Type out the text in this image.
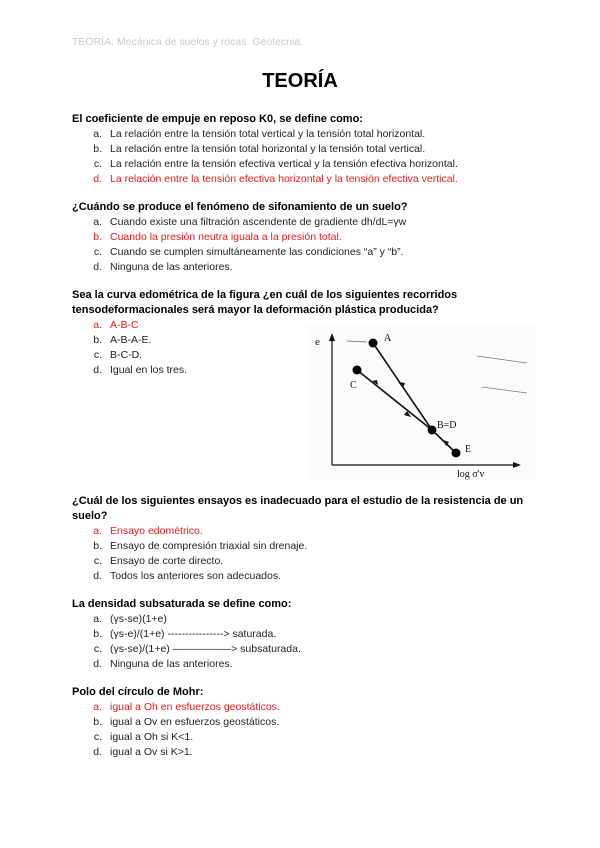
TEORÍA: Mecánica de suelos y rocas. Geotecnia.
TEORÍA
El coeficiente de empuje en reposo K0, se define como:
a. La relación entre la tensión total vertical y la tensión total horizontal.
b. La relación entre la tensión total horizontal y la tensión total vertical.
c. La relación entre la tensión efectiva vertical y la tensión efectiva horizontal.
d. La relación entre la tensión efectiva horizontal y la tensión efectiva vertical.
¿Cuándo se produce el fenómeno de sifonamiento de un suelo?
a. Cuando existe una filtración ascendente de gradiente dh/dL=γw
b. Cuando la presión neutra iguala a la presión total.
c. Cuando se cumplen simultáneamente las condiciones “a” y “b”.
d. Ninguna de las anteriores.
Sea la curva edométrica de la figura ¿en cuál de los siguientes recorridos tensodeformacionales será mayor la deformación plástica producida?
a. A-B-C
b. A-B-A-E.
c. B-C-D.
d. Igual en los tres.
e
log σ'v
A
C
B=D
E
¿Cuál de los siguientes ensayos es inadecuado para el estudio de la resistencia de un suelo?
a. Ensayo edométrico.
b. Ensayo de compresión triaxial sin drenaje.
c. Ensayo de corte directo.
d. Todos los anteriores son adecuados.
La densidad subsaturada se define como:
a. (γs-se)(1+e)
b. (γs-e)/(1+e) ----------------> saturada.
c. (γs-se)/(1+e) ––––––––––> subsaturada.
d. Ninguna de las anteriores.
Polo del círculo de Mohr:
a. igual a Oh en esfuerzos geostáticos.
b. igual a Ov en esfuerzos geostáticos.
c. igual a Oh si K<1.
d. igual a Ov si K>1.
